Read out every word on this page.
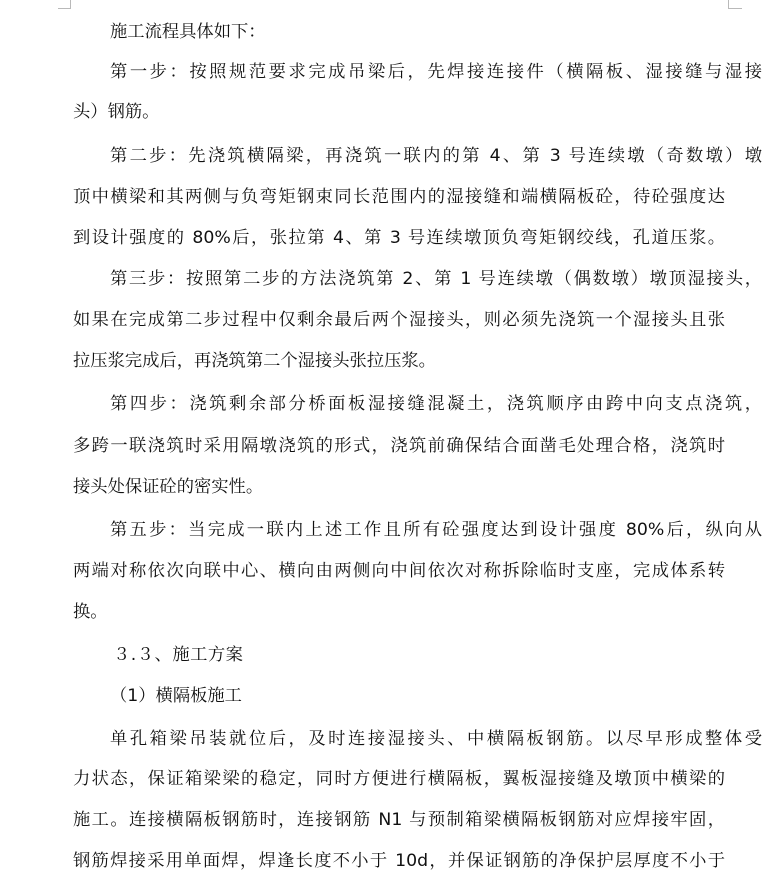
施工流程具体如下：
第一步：按照规范要求完成吊梁后，先焊接连接件（横隔板、湿接缝与湿接
头）钢筋。
第二步：先浇筑横隔梁，再浇筑一联内的第 4、第 3 号连续墩（奇数墩）墩
顶中横梁和其两侧与负弯矩钢束同长范围内的湿接缝和端横隔板砼，待砼强度达
到设计强度的 80%后，张拉第 4、第 3 号连续墩顶负弯矩钢绞线，孔道压浆。
第三步：按照第二步的方法浇筑第 2、第 1 号连续墩（偶数墩）墩顶湿接头，
如果在完成第二步过程中仅剩余最后两个湿接头，则必须先浇筑一个湿接头且张
拉压浆完成后，再浇筑第二个湿接头张拉压浆。
第四步：浇筑剩余部分桥面板湿接缝混凝土，浇筑顺序由跨中向支点浇筑，
多跨一联浇筑时采用隔墩浇筑的形式，浇筑前确保结合面凿毛处理合格，浇筑时
接头处保证砼的密实性。
第五步：当完成一联内上述工作且所有砼强度达到设计强度 80%后，纵向从
两端对称依次向联中心、横向由两侧向中间依次对称拆除临时支座，完成体系转
换。
３.３、施工方案
（1）横隔板施工
单孔箱梁吊装就位后，及时连接湿接头、中横隔板钢筋。以尽早形成整体受
力状态，保证箱梁梁的稳定，同时方便进行横隔板，翼板湿接缝及墩顶中横梁的
施工。连接横隔板钢筋时，连接钢筋 N1 与预制箱梁横隔板钢筋对应焊接牢固，
钢筋焊接采用单面焊，焊逢长度不小于 10d，并保证钢筋的净保护层厚度不小于
